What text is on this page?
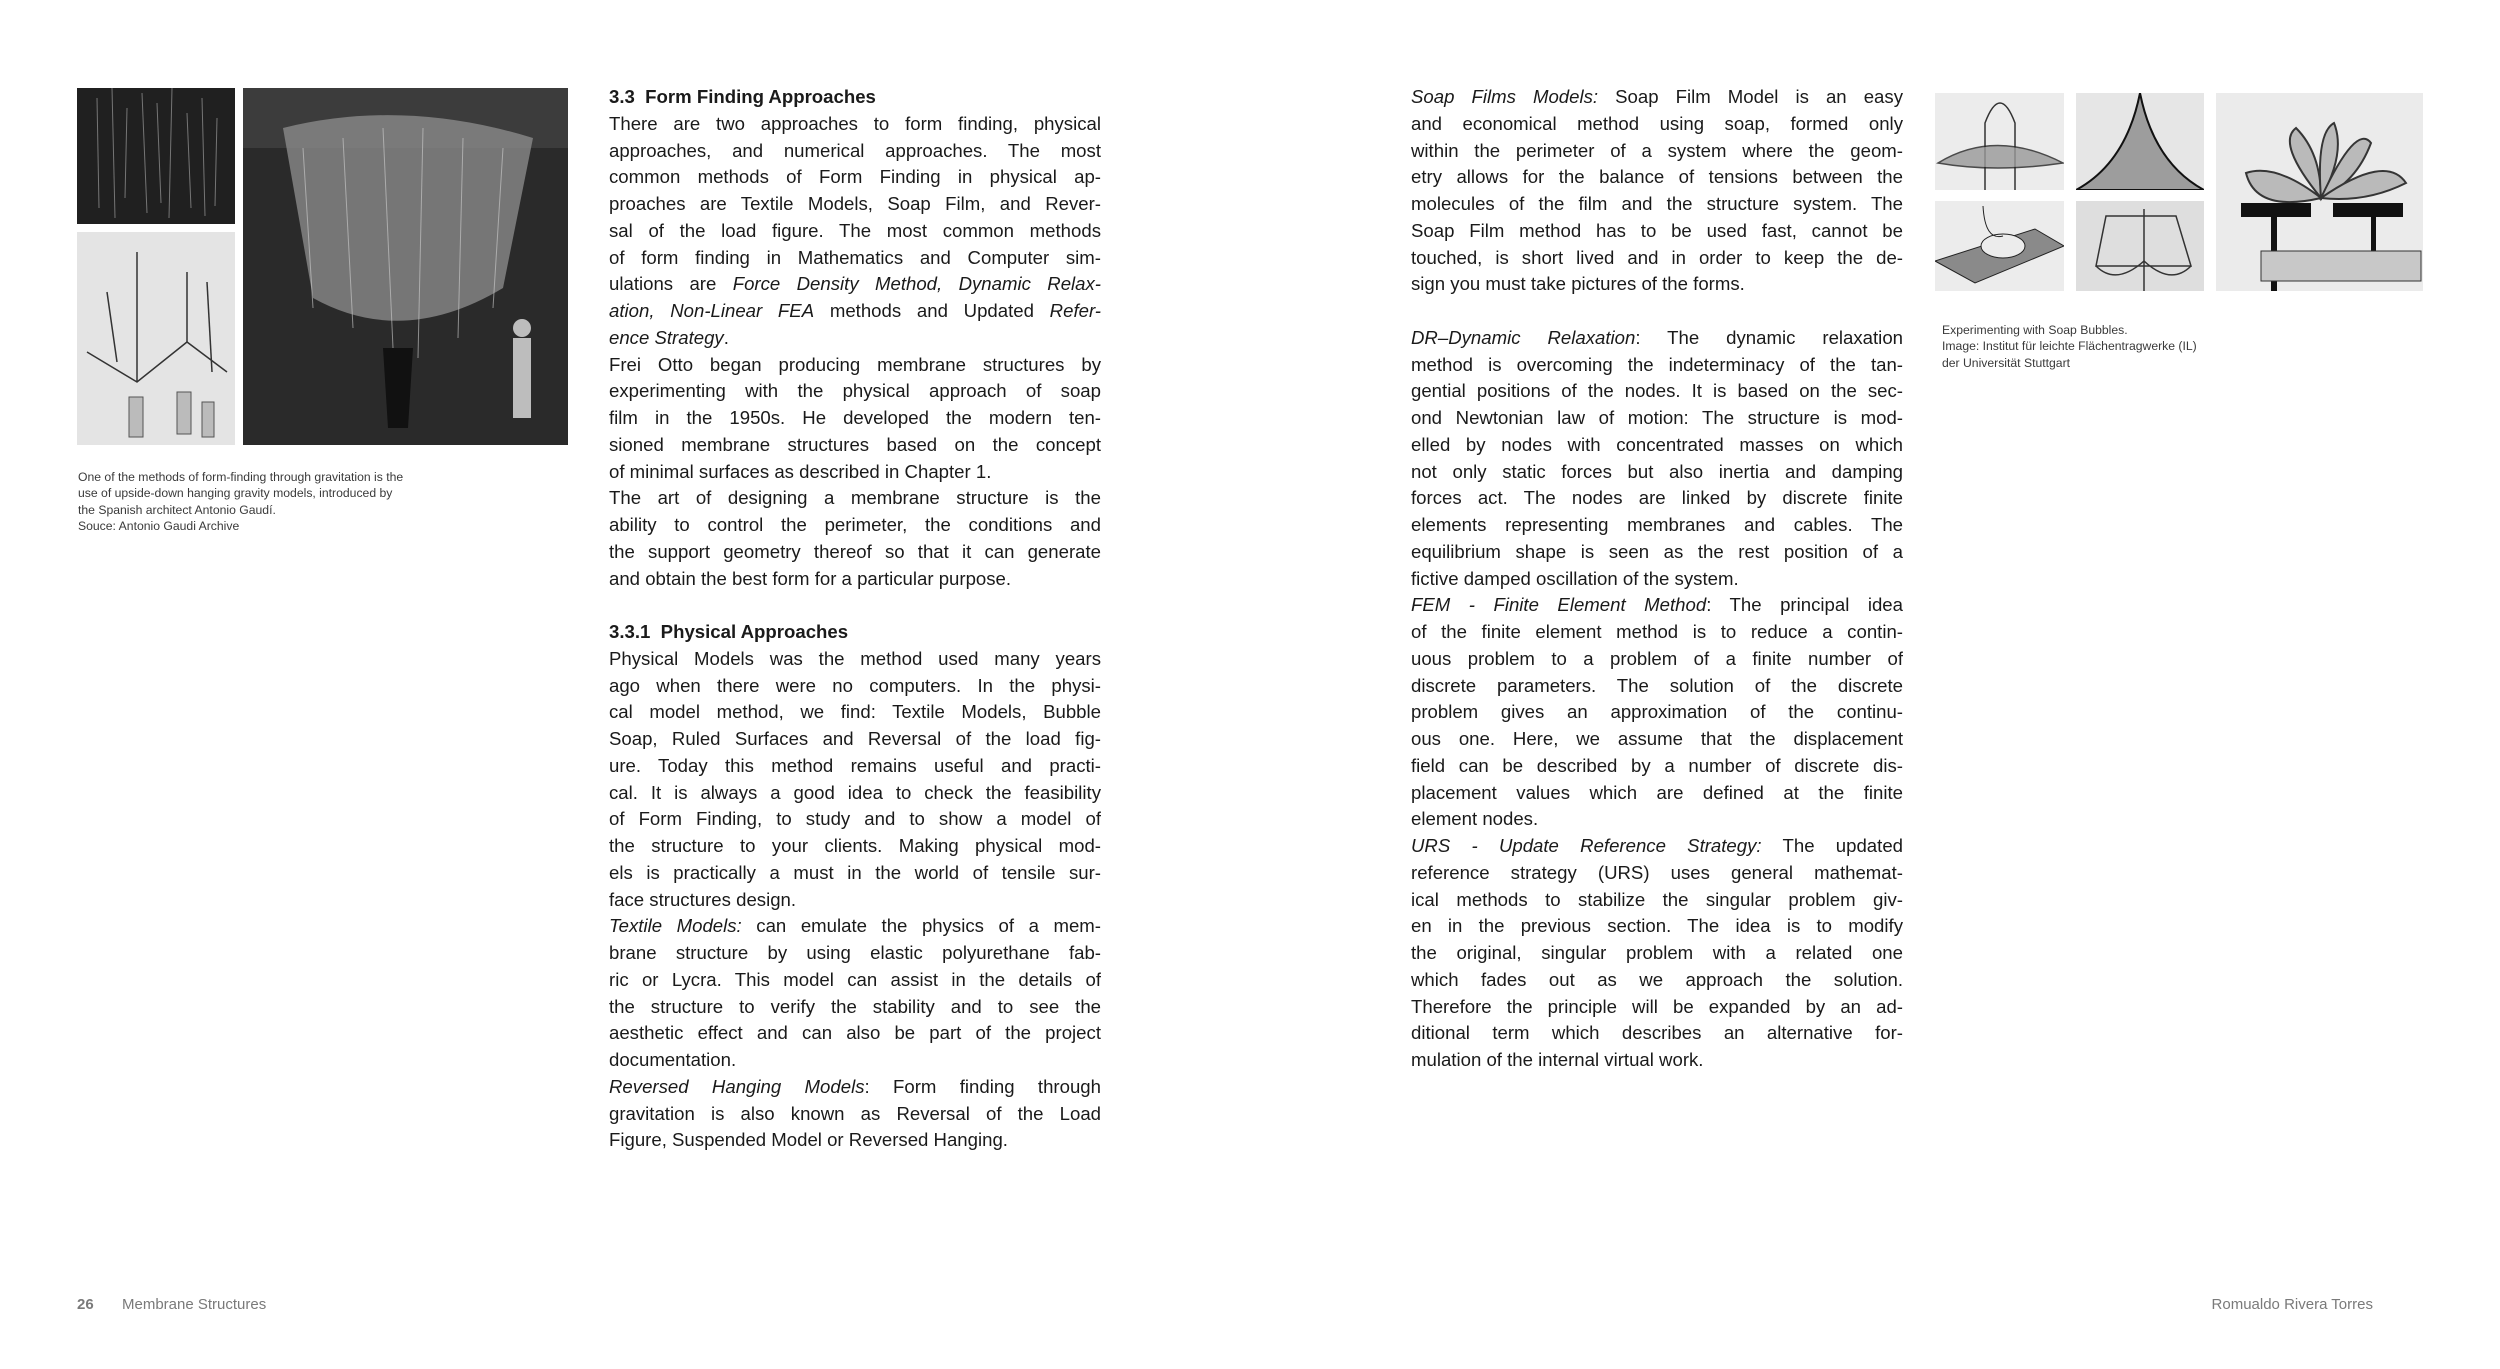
One of the methods of form-finding through gravitation is the
use of upside-down hanging gravity models, introduced by
the Spanish architect Antonio Gaudí.
Souce: Antonio Gaudi Archive
3.3  Form Finding Approaches
There are two approaches to form finding, physical
approaches, and numerical approaches. The most
common methods of Form Finding in physical ap-
proaches are Textile Models, Soap Film, and Rever-
sal of the load figure. The most common methods
of form finding in Mathematics and Computer sim-
ulations are Force Density Method, Dynamic Relax-
ation, Non-Linear FEA methods and Updated Refer-
ence Strategy.
Frei Otto began producing membrane structures by
experimenting with the physical approach of soap
film in the 1950s. He developed the modern ten-
sioned membrane structures based on the concept
of minimal surfaces as described in Chapter 1.
The art of designing a membrane structure is the
ability to control the perimeter, the conditions and
the support geometry thereof so that it can generate
and obtain the best form for a particular purpose.
3.3.1  Physical Approaches
Physical Models was the method used many years
ago when there were no computers. In the physi-
cal model method, we find: Textile Models, Bubble
Soap, Ruled Surfaces and Reversal of the load fig-
ure. Today this method remains useful and practi-
cal. It is always a good idea to check the feasibility
of Form Finding, to study and to show a model of
the structure to your clients. Making physical mod-
els is practically a must in the world of tensile sur-
face structures design.
Textile Models: can emulate the physics of a mem-
brane structure by using elastic polyurethane fab-
ric or Lycra. This model can assist in the details of
the structure to verify the stability and to see the
aesthetic effect and can also be part of the project
documentation.
Reversed Hanging Models: Form finding through
gravitation is also known as Reversal of the Load
Figure, Suspended Model or Reversed Hanging.
Soap Films Models: Soap Film Model is an easy
and economical method using soap, formed only
within the perimeter of a system where the geom-
etry allows for the balance of tensions between the
molecules of the film and the structure system. The
Soap Film method has to be used fast, cannot be
touched, is short lived and in order to keep the de-
sign you must take pictures of the forms.
DR–Dynamic Relaxation: The dynamic relaxation
method is overcoming the indeterminacy of the tan-
gential positions of the nodes. It is based on the sec-
ond Newtonian law of motion: The structure is mod-
elled by nodes with concentrated masses on which
not only static forces but also inertia and damping
forces act. The nodes are linked by discrete finite
elements representing membranes and cables. The
equilibrium shape is seen as the rest position of a
fictive damped oscillation of the system.
FEM - Finite Element Method: The principal idea
of the finite element method is to reduce a contin-
uous problem to a problem of a finite number of
discrete parameters. The solution of the discrete
problem gives an approximation of the continu-
ous one. Here, we assume that the displacement
field can be described by a number of discrete dis-
placement values which are defined at the finite
element nodes.
URS - Update Reference Strategy: The updated
reference strategy (URS) uses general mathemat-
ical methods to stabilize the singular problem giv-
en in the previous section. The idea is to modify
the original, singular problem with a related one
which fades out as we approach the solution.
Therefore the principle will be expanded by an ad-
ditional term which describes an alternative for-
mulation of the internal virtual work.
Experimenting with Soap Bubbles.
Image: Institut für leichte Flächentragwerke (IL)
der Universität Stuttgart
26 Membrane Structures	Romualdo Rivera Torres
